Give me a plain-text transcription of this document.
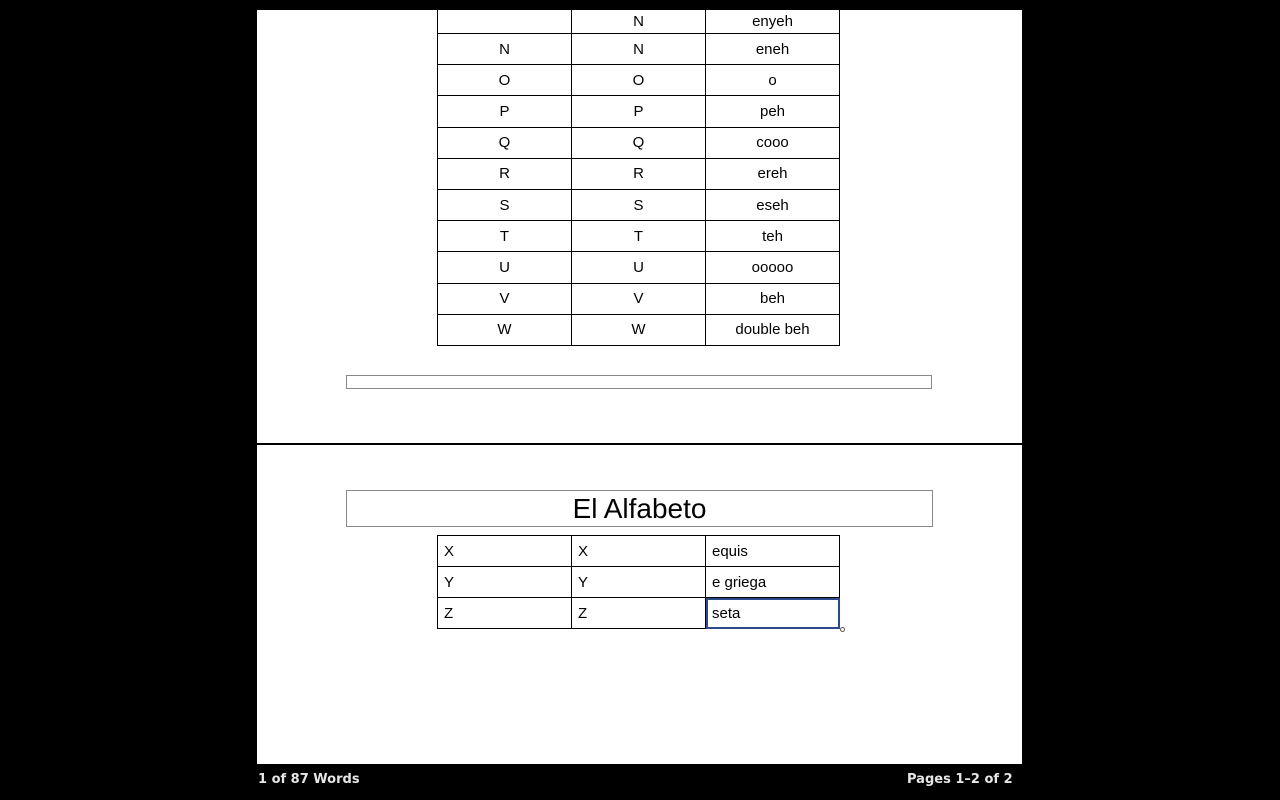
	N	enyeh
N	N	eneh
O	O	o
P	P	peh
Q	Q	cooo
R	R	ereh
S	S	eseh
T	T	teh
U	U	ooooo
V	V	beh
W	W	double beh
El Alfabeto
X	X	equis
Y	Y	e griega
Z	Z	seta
1 of 87 Words	Pages 1–2 of 2
